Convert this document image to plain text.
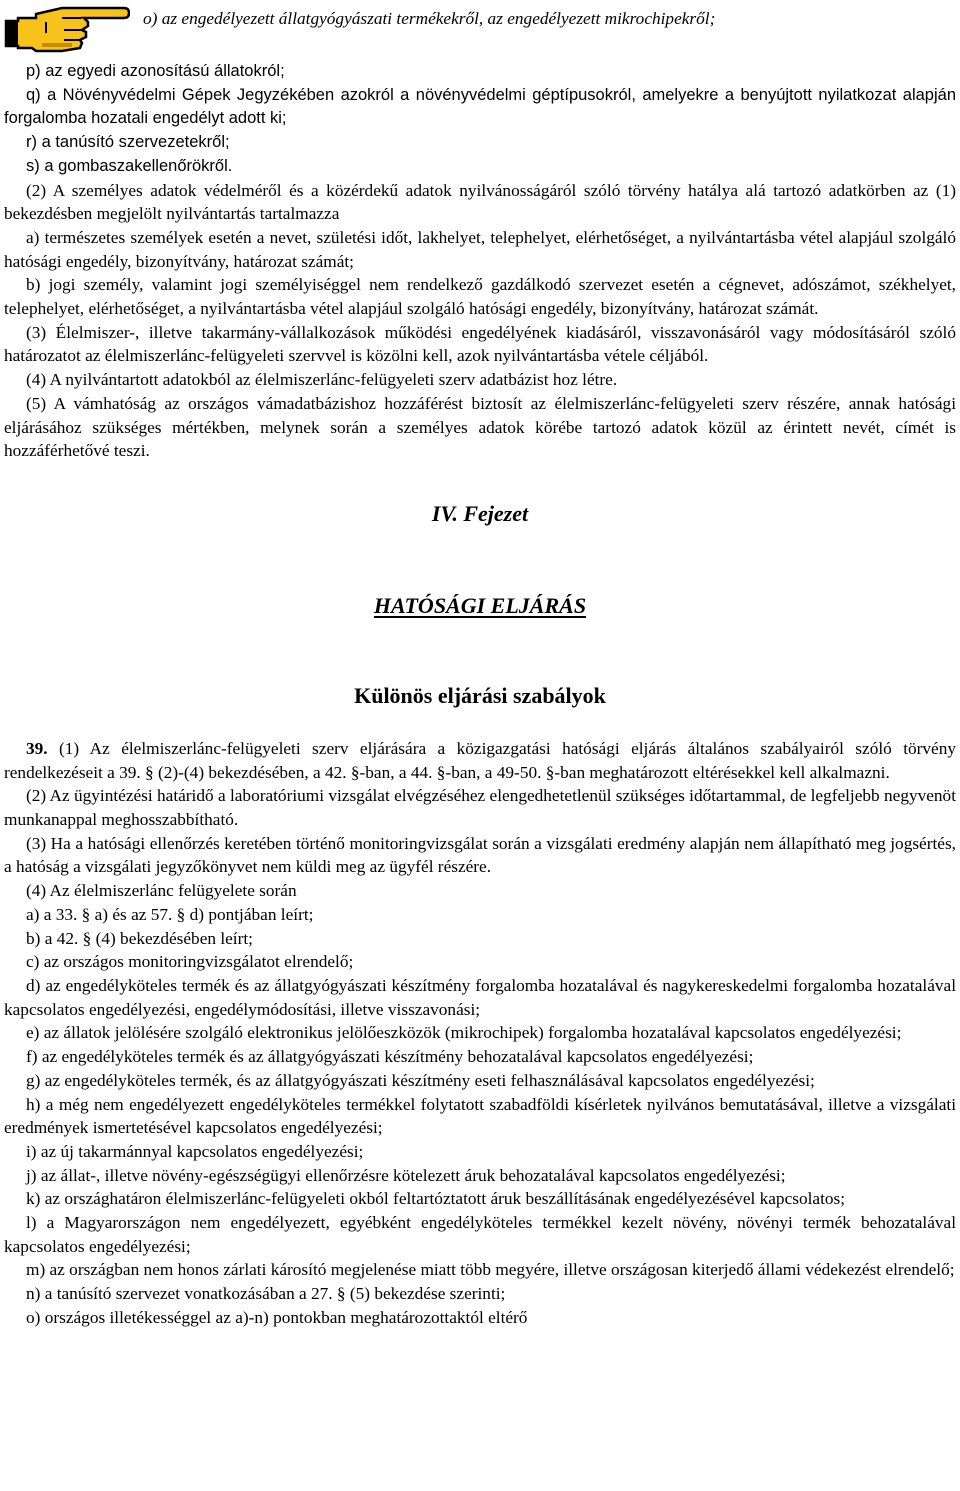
o) az engedélyezett állatgyógyászati termékekről, az engedélyezett mikrochipekről;

p) az egyedi azonosítású állatokról;

q) a Növényvédelmi Gépek Jegyzékében azokról a növényvédelmi géptípusokról, amelyekre a benyújtott nyilatkozat alapján forgalomba hozatali engedélyt adott ki;

r) a tanúsító szervezetekről;

s) a gombaszakellenőrökről.

(2) A személyes adatok védelméről és a közérdekű adatok nyilvánosságáról szóló törvény hatálya alá tartozó adatkörben az (1) bekezdésben megjelölt nyilvántartás tartalmazza

a) természetes személyek esetén a nevet, születési időt, lakhelyet, telephelyet, elérhetőséget, a nyilvántartásba vétel alapjául szolgáló hatósági engedély, bizonyítvány, határozat számát;

b) jogi személy, valamint jogi személyiséggel nem rendelkező gazdálkodó szervezet esetén a cégnevet, adószámot, székhelyet, telephelyet, elérhetőséget, a nyilvántartásba vétel alapjául szolgáló hatósági engedély, bizonyítvány, határozat számát.

(3) Élelmiszer-, illetve takarmány-vállalkozások működési engedélyének kiadásáról, visszavonásáról vagy módosításáról szóló határozatot az élelmiszerlánc-felügyeleti szervvel is közölni kell, azok nyilvántartásba vétele céljából.

(4) A nyilvántartott adatokból az élelmiszerlánc-felügyeleti szerv adatbázist hoz létre.

(5) A vámhatóság az országos vámadatbázishoz hozzáférést biztosít az élelmiszerlánc-felügyeleti szerv részére, annak hatósági eljárásához szükséges mértékben, melynek során a személyes adatok körébe tartozó adatok közül az érintett nevét, címét is hozzáférhetővé teszi.

IV. Fejezet
HATÓSÁGI ELJÁRÁS
Különös eljárási szabályok

39. (1) Az élelmiszerlánc-felügyeleti szerv eljárására a közigazgatási hatósági eljárás általános szabályairól szóló törvény rendelkezéseit a 39. § (2)-(4) bekezdésében, a 42. §-ban, a 44. §-ban, a 49-50. §-ban meghatározott eltérésekkel kell alkalmazni.

(2) Az ügyintézési határidő a laboratóriumi vizsgálat elvégzéséhez elengedhetetlenül szükséges időtartammal, de legfeljebb negyvenöt munkanappal meghosszabbítható.

(3) Ha a hatósági ellenőrzés keretében történő monitoringvizsgálat során a vizsgálati eredmény alapján nem állapítható meg jogsértés, a hatóság a vizsgálati jegyzőkönyvet nem küldi meg az ügyfél részére.

(4) Az élelmiszerlánc felügyelete során

a) a 33. § a) és az 57. § d) pontjában leírt;

b) a 42. § (4) bekezdésében leírt;

c) az országos monitoringvizsgálatot elrendelő;

d) az engedélyköteles termék és az állatgyógyászati készítmény forgalomba hozatalával és nagykereskedelmi forgalomba hozatalával kapcsolatos engedélyezési, engedélymódosítási, illetve visszavonási;

e) az állatok jelölésére szolgáló elektronikus jelölőeszközök (mikrochipek) forgalomba hozatalával kapcsolatos engedélyezési;

f) az engedélyköteles termék és az állatgyógyászati készítmény behozatalával kapcsolatos engedélyezési;

g) az engedélyköteles termék, és az állatgyógyászati készítmény eseti felhasználásával kapcsolatos engedélyezési;

h) a még nem engedélyezett engedélyköteles termékkel folytatott szabadföldi kísérletek nyilvános bemutatásával, illetve a vizsgálati eredmények ismertetésével kapcsolatos engedélyezési;

i) az új takarmánnyal kapcsolatos engedélyezési;

j) az állat-, illetve növény-egészségügyi ellenőrzésre kötelezett áruk behozatalával kapcsolatos engedélyezési;

k) az országhatáron élelmiszerlánc-felügyeleti okból feltartóztatott áruk beszállításának engedélyezésével kapcsolatos;

l) a Magyarországon nem engedélyezett, egyébként engedélyköteles termékkel kezelt növény, növényi termék behozatalával kapcsolatos engedélyezési;

m) az országban nem honos zárlati károsító megjelenése miatt több megyére, illetve országosan kiterjedő állami védekezést elrendelő;

n) a tanúsító szervezet vonatkozásában a 27. § (5) bekezdése szerinti;

o) országos illetékességgel az a)-n) pontokban meghatározottaktól eltérő
